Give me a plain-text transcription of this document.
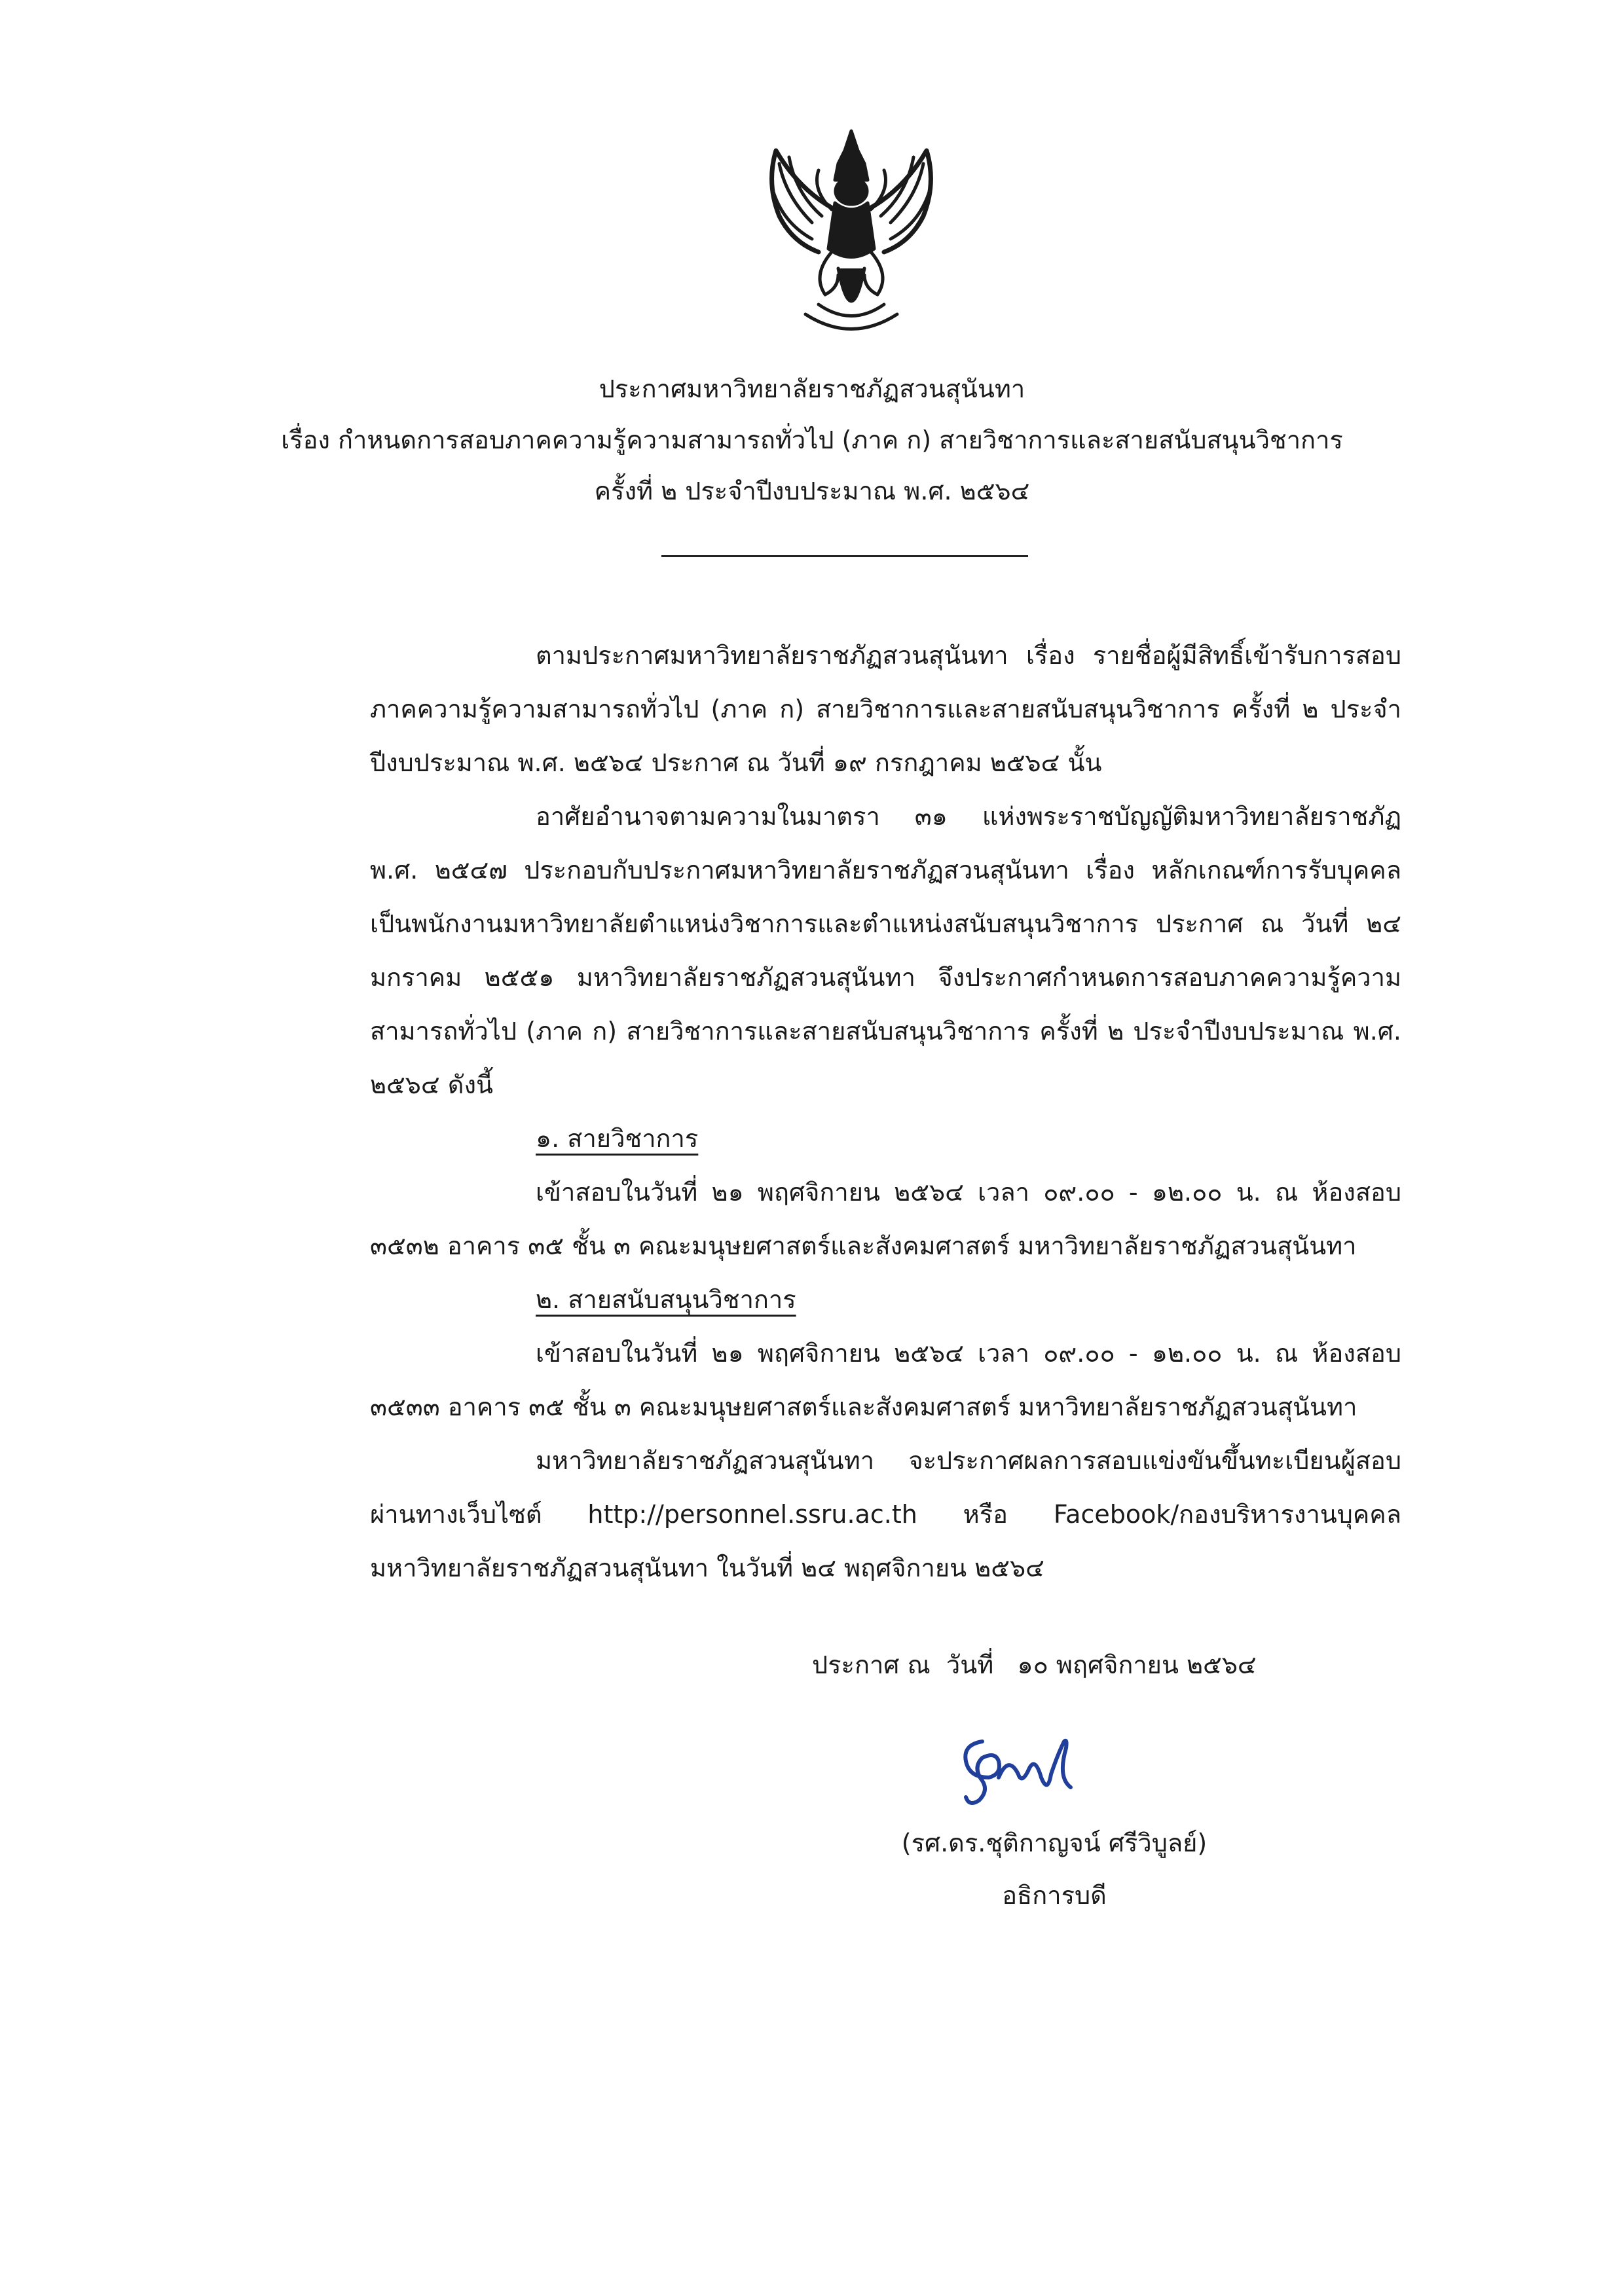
ประกาศมหาวิทยาลัยราชภัฏสวนสุนันทา
เรื่อง กำหนดการสอบภาคความรู้ความสามารถทั่วไป (ภาค ก) สายวิชาการและสายสนับสนุนวิชาการ
ครั้งที่ ๒ ประจำปีงบประมาณ พ.ศ. ๒๕๖๔

ตามประกาศมหาวิทยาลัยราชภัฏสวนสุนันทา เรื่อง รายชื่อผู้มีสิทธิ์เข้ารับการสอบภาคความรู้ความสามารถทั่วไป (ภาค ก) สายวิชาการและสายสนับสนุนวิชาการ ครั้งที่ ๒ ประจำปีงบประมาณ พ.ศ. ๒๕๖๔ ประกาศ ณ วันที่ ๑๙ กรกฎาคม ๒๕๖๔ นั้น

อาศัยอำนาจตามความในมาตรา ๓๑ แห่งพระราชบัญญัติมหาวิทยาลัยราชภัฏ พ.ศ. ๒๕๔๗ ประกอบกับประกาศมหาวิทยาลัยราชภัฏสวนสุนันทา เรื่อง หลักเกณฑ์การรับบุคคลเป็นพนักงานมหาวิทยาลัยตำแหน่งวิชาการและตำแหน่งสนับสนุนวิชาการ ประกาศ ณ วันที่ ๒๔ มกราคม ๒๕๕๑ มหาวิทยาลัยราชภัฏสวนสุนันทา จึงประกาศกำหนดการสอบภาคความรู้ความสามารถทั่วไป (ภาค ก) สายวิชาการและสายสนับสนุนวิชาการ ครั้งที่ ๒ ประจำปีงบประมาณ พ.ศ. ๒๕๖๔ ดังนี้

๑. สายวิชาการ

เข้าสอบในวันที่ ๒๑ พฤศจิกายน ๒๕๖๔ เวลา ๐๙.๐๐ - ๑๒.๐๐ น. ณ ห้องสอบ ๓๕๓๒ อาคาร ๓๕ ชั้น ๓ คณะมนุษยศาสตร์และสังคมศาสตร์ มหาวิทยาลัยราชภัฏสวนสุนันทา

๒. สายสนับสนุนวิชาการ

เข้าสอบในวันที่ ๒๑ พฤศจิกายน ๒๕๖๔ เวลา ๐๙.๐๐ - ๑๒.๐๐ น. ณ ห้องสอบ ๓๕๓๓ อาคาร ๓๕ ชั้น ๓ คณะมนุษยศาสตร์และสังคมศาสตร์ มหาวิทยาลัยราชภัฏสวนสุนันทา

มหาวิทยาลัยราชภัฏสวนสุนันทา จะประกาศผลการสอบแข่งขันขึ้นทะเบียนผู้สอบผ่านทางเว็บไซต์ http://personnel.ssru.ac.th หรือ Facebook/กองบริหารงานบุคคล มหาวิทยาลัยราชภัฏสวนสุนันทา ในวันที่ ๒๔ พฤศจิกายน ๒๕๖๔

ประกาศ ณ  วันที่   ๑๐ พฤศจิกายน ๒๕๖๔
(รศ.ดร.ชุติกาญจน์ ศรีวิบูลย์)
อธิการบดี
